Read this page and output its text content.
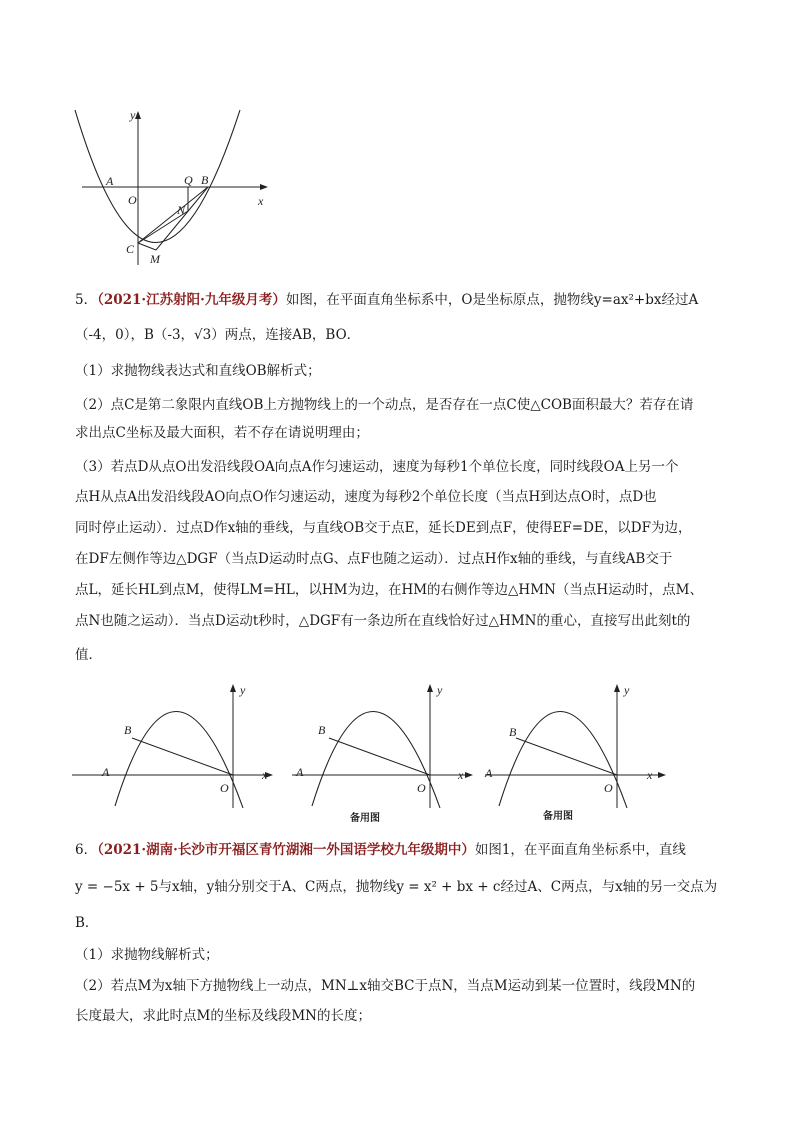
y
x
A
O
Q B
N
C
M
5．（2021·江苏射阳·九年级月考）如图，在平面直角坐标系中，O是坐标原点，抛物线y=ax²+bx经过A
（-4，0），B（-3，√3）两点，连接AB，BO．
（1）求抛物线表达式和直线OB解析式；
（2）点C是第二象限内直线OB上方抛物线上的一个动点，是否存在一点C使△COB面积最大？若存在请
求出点C坐标及最大面积，若不存在请说明理由；
（3）若点D从点O出发沿线段OA向点A作匀速运动，速度为每秒1个单位长度，同时线段OA上另一个
点H从点A出发沿线段AO向点O作匀速运动，速度为每秒2个单位长度（当点H到达点O时，点D也
同时停止运动）．过点D作x轴的垂线，与直线OB交于点E，延长DE到点F，使得EF=DE，以DF为边，
在DF左侧作等边△DGF（当点D运动时点G、点F也随之运动）．过点H作x轴的垂线，与直线AB交于
点L，延长HL到点M，使得LM=HL，以HM为边，在HM的右侧作等边△HMN（当点H运动时，点M、
点N也随之运动）．当点D运动t秒时，△DGF有一条边所在直线恰好过△HMN的重心，直接写出此刻t的
值．
y
x
B
A
O
y
x
B
A
O
备用图
y
x
B
A
O
备用图
6．（2021·湖南·长沙市开福区青竹湖湘一外国语学校九年级期中）如图1，在平面直角坐标系中，直线
y = −5x + 5与x轴，y轴分别交于A、C两点，抛物线y = x² + bx + c经过A、C两点，与x轴的另一交点为
B．
（1）求抛物线解析式；
（2）若点M为x轴下方抛物线上一动点，MN⊥x轴交BC于点N，当点M运动到某一位置时，线段MN的
长度最大，求此时点M的坐标及线段MN的长度；
